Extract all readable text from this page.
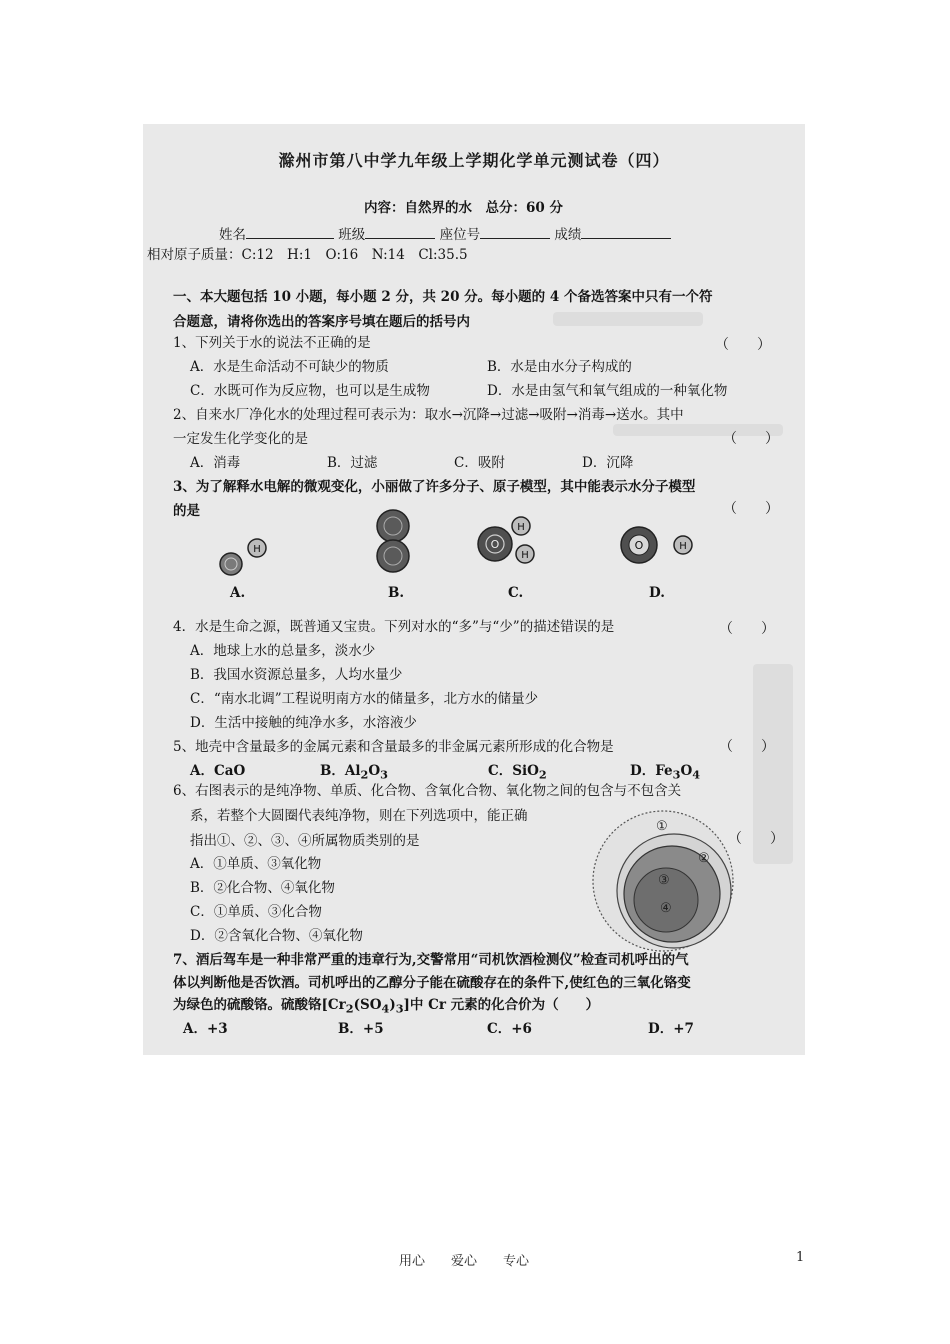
滁州市第八中学九年级上学期化学单元测试卷（四）
内容：自然界的水　总分：60 分
姓名	班级	座位号	成绩
相对原子质量：C:12　H:1　O:16　N:14　Cl:35.5
一、本大题包括 10 小题，每小题 2 分，共 20 分。每小题的 4 个备选答案中只有一个符
合题意，请将你选出的答案序号填在题后的括号内
1、下列关于水的说法不正确的是	（　　）
A．水是生命活动不可缺少的物质	B．水是由水分子构成的
C．水既可作为反应物，也可以是生成物	D．水是由氢气和氧气组成的一种氧化物
2、自来水厂净化水的处理过程可表示为：取水→沉降→过滤→吸附→消毒→送水。其中
一定发生化学变化的是	（　　）
A．消毒	B．过滤	C．吸附	D．沉降
3、为了解释水电解的微观变化，小丽做了许多分子、原子模型，其中能表示水分子模型
的是	（　　）
H	O
H
H
O	H
A.	B.	C.	D.
4．水是生命之源，既普通又宝贵。下列对水的“多”与“少”的描述错误的是	（　　）
A．地球上水的总量多，淡水少
B．我国水资源总量多，人均水量少
C．“南水北调”工程说明南方水的储量多，北方水的储量少
D．生活中接触的纯净水多，水溶液少
5、地壳中含量最多的金属元素和含量最多的非金属元素所形成的化合物是	（　　）
A．CaO	B．$Al_2O_3$	C．SiO$_2$	D．$Fe_3O_4$
6、右图表示的是纯净物、单质、化合物、含氧化合物、氧化物之间的包含与不包含关
系，若整个大圆圈代表纯净物，则在下列选项中，能正确
指出①、②、③、④所属物质类别的是	（　　）
A．①单质、③氧化物
B．②化合物、④氧化物
C．①单质、③化合物
D．②含氧化合物、④氧化物
①
②
③
④
7、酒后驾车是一种非常严重的违章行为,交警常用“司机饮酒检测仪”检查司机呼出的气
体以判断他是否饮酒。司机呼出的乙醇分子能在硫酸存在的条件下,使红色的三氧化铬变
为绿色的硫酸铬。硫酸铬$[Cr_2(SO_4)_3]$中 Cr 元素的化合价为（　　）
A．+3	B．+5	C．+6	D．+7
用心　　爱心　　专心	1
